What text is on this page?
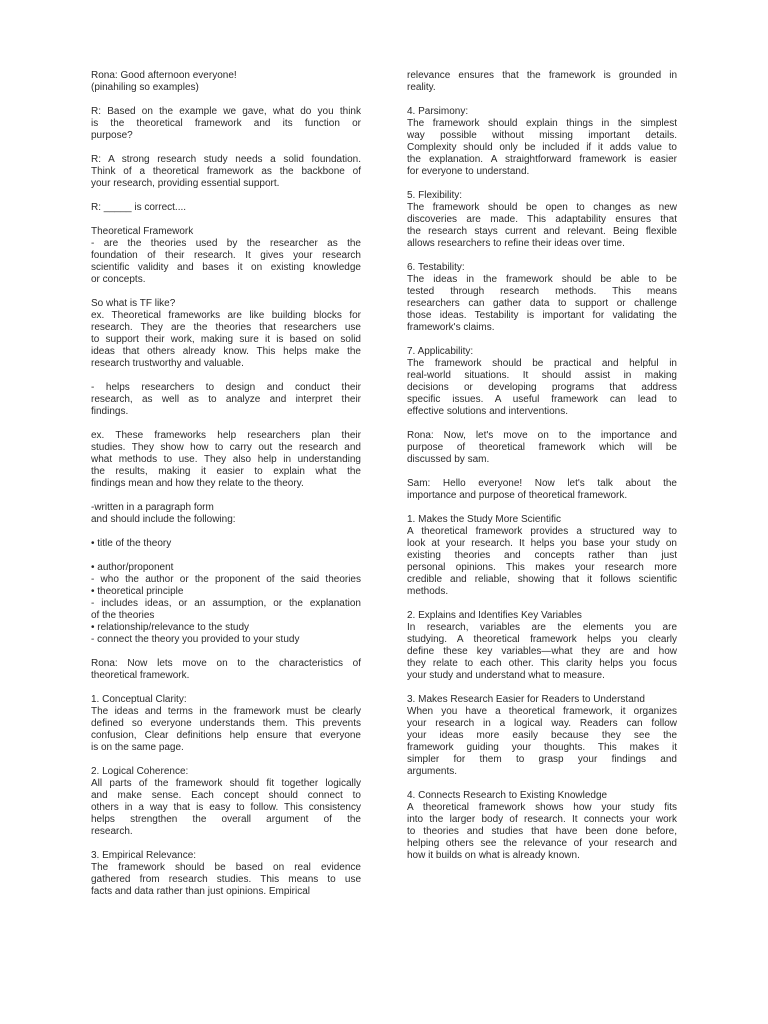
Rona: Good afternoon everyone!
(pinahiling so examples)
R: Based on the example we gave, what do you think
is the theoretical framework and its function or
purpose?
R: A strong research study needs a solid foundation.
Think of a theoretical framework as the backbone of
your research, providing essential support.
R: _____ is correct....
Theoretical Framework
- are the theories used by the researcher as the
foundation of their research. It gives your research
scientific validity and bases it on existing knowledge
or concepts.
So what is TF like?
ex. Theoretical frameworks are like building blocks for
research. They are the theories that researchers use
to support their work, making sure it is based on solid
ideas that others already know. This helps make the
research trustworthy and valuable.
- helps researchers to design and conduct their
research, as well as to analyze and interpret their
findings.
ex. These frameworks help researchers plan their
studies. They show how to carry out the research and
what methods to use. They also help in understanding
the results, making it easier to explain what the
findings mean and how they relate to the theory.
-written in a paragraph form
and should include the following:
• title of the theory
• author/proponent
- who the author or the proponent of the said theories
• theoretical principle
- includes ideas, or an assumption, or the explanation
of the theories
• relationship/relevance to the study
- connect the theory you provided to your study
Rona: Now lets move on to the characteristics of
theoretical framework.
1. Conceptual Clarity:
The ideas and terms in the framework must be clearly
defined so everyone understands them. This prevents
confusion, Clear definitions help ensure that everyone
is on the same page.
2. Logical Coherence:
All parts of the framework should fit together logically
and make sense. Each concept should connect to
others in a way that is easy to follow. This consistency
helps strengthen the overall argument of the
research.
3. Empirical Relevance:
The framework should be based on real evidence
gathered from research studies. This means to use
facts and data rather than just opinions. Empirical
relevance ensures that the framework is grounded in
reality.
4. Parsimony:
The framework should explain things in the simplest
way possible without missing important details.
Complexity should only be included if it adds value to
the explanation. A straightforward framework is easier
for everyone to understand.
5. Flexibility:
The framework should be open to changes as new
discoveries are made. This adaptability ensures that
the research stays current and relevant. Being flexible
allows researchers to refine their ideas over time.
6. Testability:
The ideas in the framework should be able to be
tested through research methods. This means
researchers can gather data to support or challenge
those ideas. Testability is important for validating the
framework's claims.
7. Applicability:
The framework should be practical and helpful in
real-world situations. It should assist in making
decisions or developing programs that address
specific issues. A useful framework can lead to
effective solutions and interventions.
Rona: Now, let's move on to the importance and
purpose of theoretical framework which will be
discussed by sam.
Sam: Hello everyone! Now let's talk about the
importance and purpose of theoretical framework.
1. Makes the Study More Scientific
A theoretical framework provides a structured way to
look at your research. It helps you base your study on
existing theories and concepts rather than just
personal opinions. This makes your research more
credible and reliable, showing that it follows scientific
methods.
2. Explains and Identifies Key Variables
In research, variables are the elements you are
studying. A theoretical framework helps you clearly
define these key variables—what they are and how
they relate to each other. This clarity helps you focus
your study and understand what to measure.
3. Makes Research Easier for Readers to Understand
When you have a theoretical framework, it organizes
your research in a logical way. Readers can follow
your ideas more easily because they see the
framework guiding your thoughts. This makes it
simpler for them to grasp your findings and
arguments.
4. Connects Research to Existing Knowledge
A theoretical framework shows how your study fits
into the larger body of research. It connects your work
to theories and studies that have been done before,
helping others see the relevance of your research and
how it builds on what is already known.
